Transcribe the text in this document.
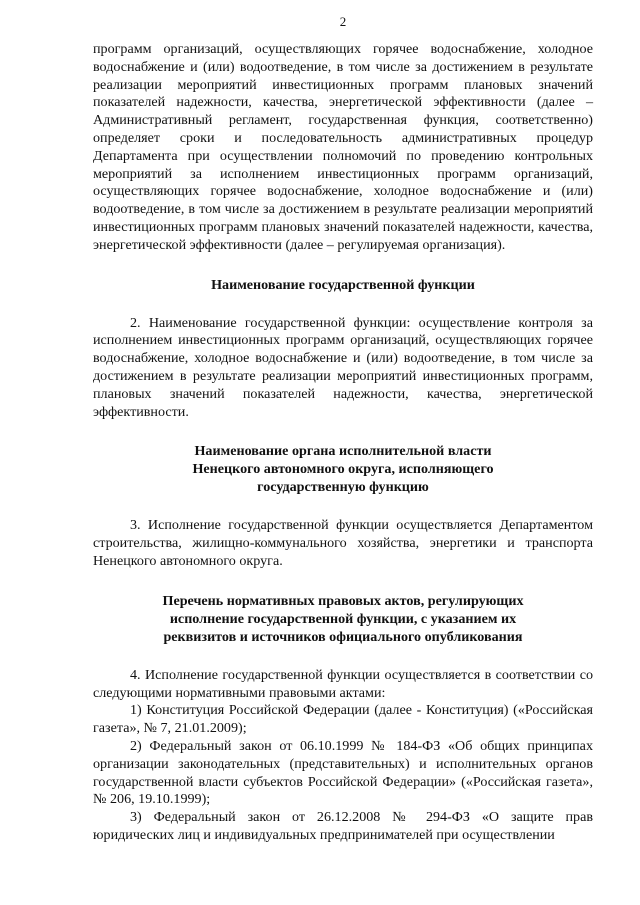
2

программ организаций, осуществляющих горячее водоснабжение, холодное водоснабжение и (или) водоотведение, в том числе за достижением в результате реализации мероприятий инвестиционных программ плановых значений показателей надежности, качества, энергетической эффективности (далее – Административный регламент, государственная функция, соответственно) определяет сроки и последовательность административных процедур Департамента при осуществлении полномочий по проведению контрольных мероприятий за исполнением инвестиционных программ организаций, осуществляющих горячее водоснабжение, холодное водоснабжение и (или) водоотведение, в том числе за достижением в результате реализации мероприятий инвестиционных программ плановых значений показателей надежности, качества, энергетической эффективности (далее – регулируемая организация).

Наименование государственной функции

2. Наименование государственной функции: осуществление контроля за исполнением инвестиционных программ организаций, осуществляющих горячее водоснабжение, холодное водоснабжение и (или) водоотведение, в том числе за достижением в результате реализации мероприятий инвестиционных программ, плановых значений показателей надежности, качества, энергетической эффективности.

Наименование органа исполнительной власти
Ненецкого автономного округа, исполняющего
государственную функцию

3. Исполнение государственной функции осуществляется Департаментом строительства, жилищно-коммунального хозяйства, энергетики и транспорта Ненецкого автономного округа.

Перечень нормативных правовых актов, регулирующих
исполнение государственной функции, с указанием их
реквизитов и источников официального опубликования

4. Исполнение государственной функции осуществляется в соответствии со следующими нормативными правовыми актами:

1) Конституция Российской Федерации (далее - Конституция) («Российская газета», № 7, 21.01.2009);

2) Федеральный закон от 06.10.1999 № 184-ФЗ «Об общих принципах организации законодательных (представительных) и исполнительных органов государственной власти субъектов Российской Федерации» («Российская газета», № 206, 19.10.1999);

3) Федеральный закон от 26.12.2008 № 294-ФЗ «О защите прав юридических лиц и индивидуальных предпринимателей при осуществлении
